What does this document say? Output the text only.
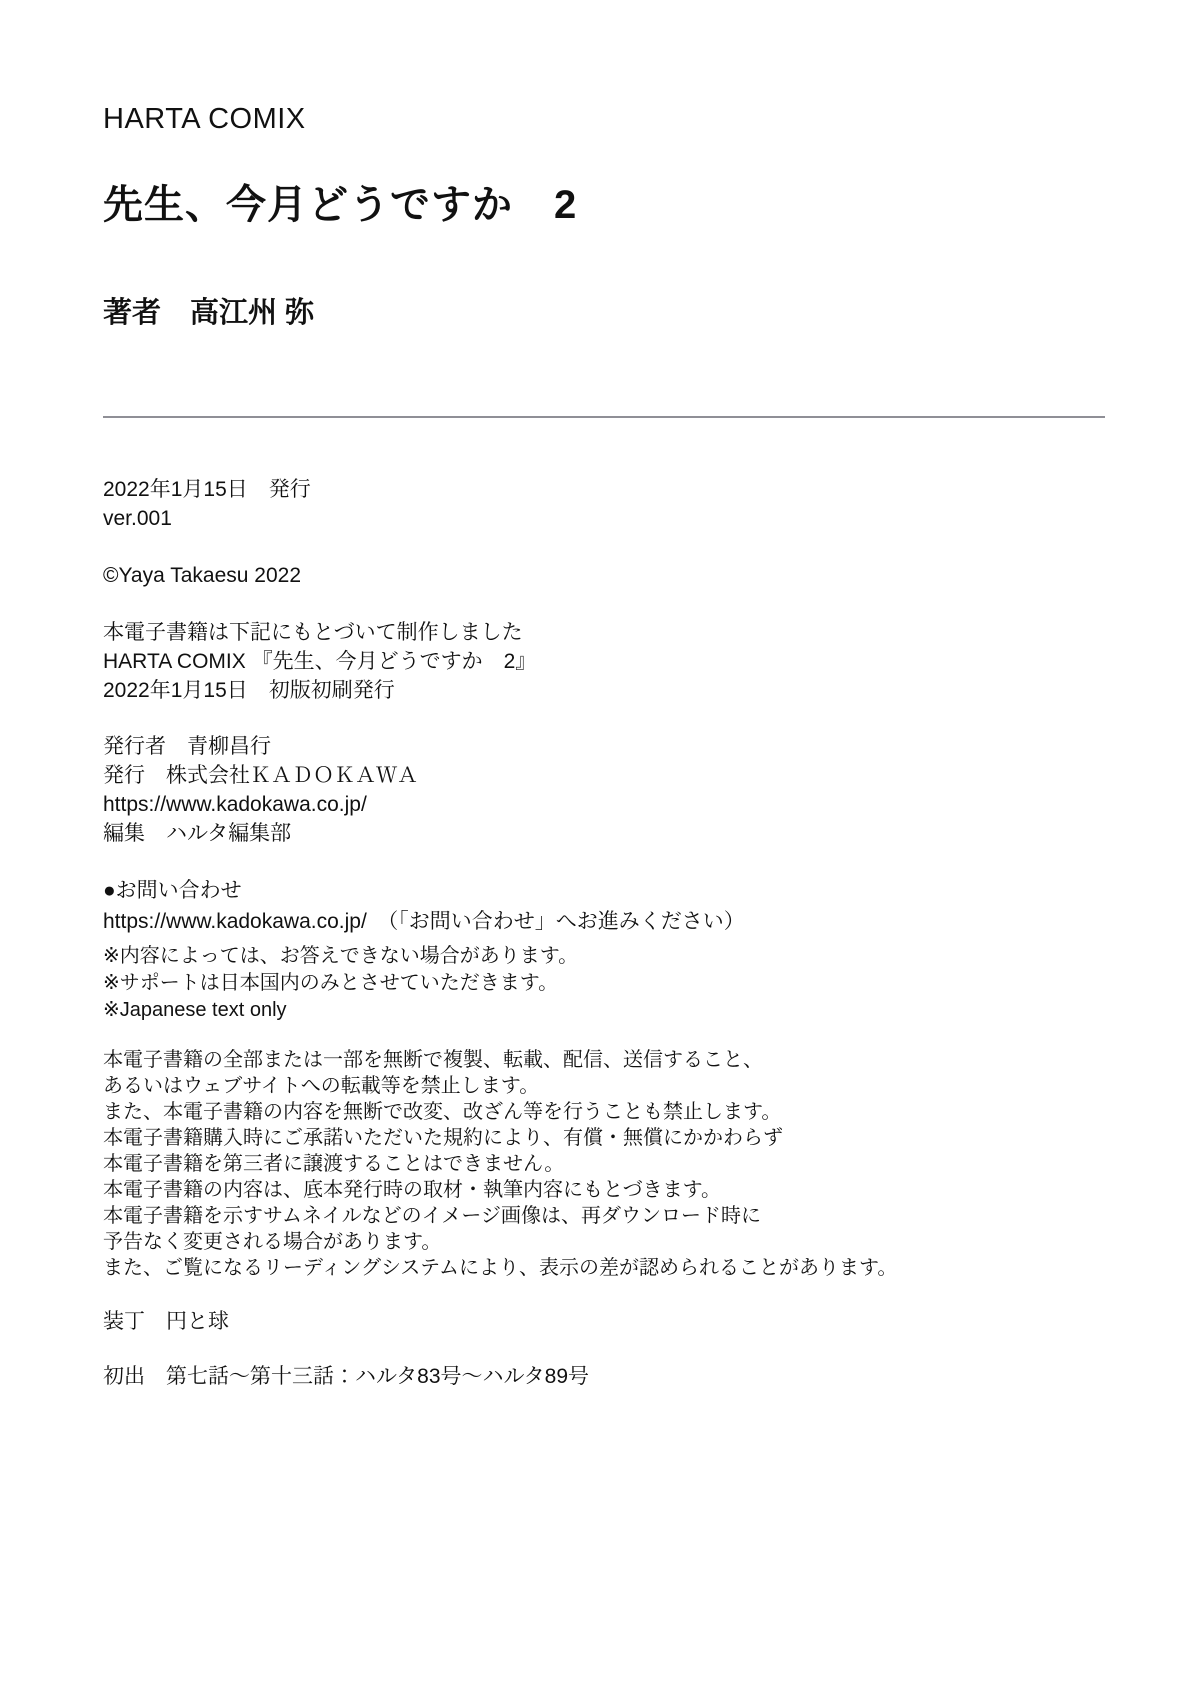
HARTA COMIX
先生、今月どうですか　2
著者　高江州 弥
2022年1月15日　発行
ver.001
©Yaya Takaesu 2022
本電子書籍は下記にもとづいて制作しました
HARTA COMIX 『先生、今月どうですか　2』
2022年1月15日　初版初刷発行
発行者　青柳昌行
発行　株式会社ＫＡＤＯＫＡＷＡ
https://www.kadokawa.co.jp/
編集　ハルタ編集部
●お問い合わせ
https://www.kadokawa.co.jp/　（「お問い合わせ」へお進みください）
※内容によっては、お答えできない場合があります。
※サポートは日本国内のみとさせていただきます。
※Japanese text only
本電子書籍の全部または一部を無断で複製、転載、配信、送信すること、
あるいはウェブサイトへの転載等を禁止します。
また、本電子書籍の内容を無断で改変、改ざん等を行うことも禁止します。
本電子書籍購入時にご承諾いただいた規約により、有償・無償にかかわらず
本電子書籍を第三者に譲渡することはできません。
本電子書籍の内容は、底本発行時の取材・執筆内容にもとづきます。
本電子書籍を示すサムネイルなどのイメージ画像は、再ダウンロード時に
予告なく変更される場合があります。
また、ご覧になるリーディングシステムにより、表示の差が認められることがあります。
装丁　円と球
初出　第七話～第十三話：ハルタ83号～ハルタ89号
